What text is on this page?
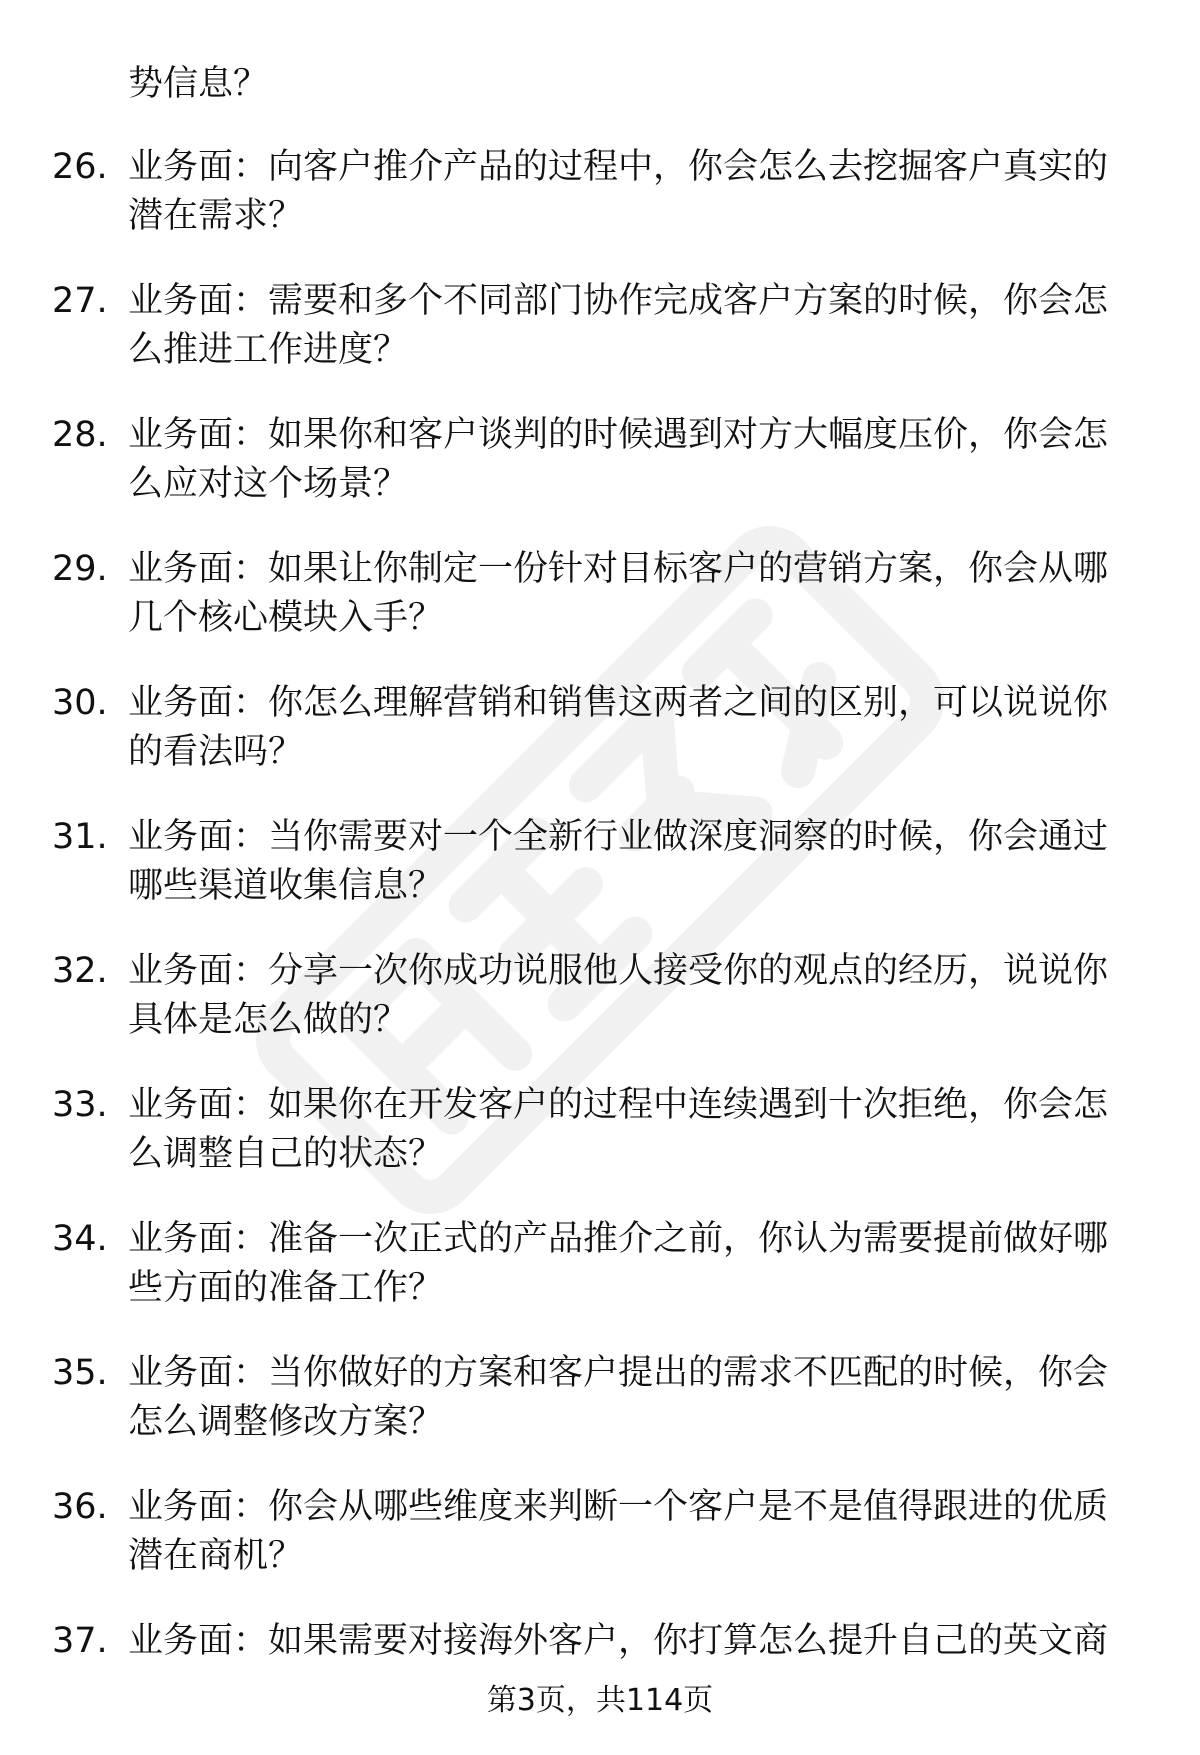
势信息？
26. 业务面：向客户推介产品的过程中，你会怎么去挖掘客户真实的潜在需求？
27. 业务面：需要和多个不同部门协作完成客户方案的时候，你会怎么推进工作进度？
28. 业务面：如果你和客户谈判的时候遇到对方大幅度压价，你会怎么应对这个场景？
29. 业务面：如果让你制定一份针对目标客户的营销方案，你会从哪几个核心模块入手？
30. 业务面：你怎么理解营销和销售这两者之间的区别，可以说说你的看法吗？
31. 业务面：当你需要对一个全新行业做深度洞察的时候，你会通过哪些渠道收集信息？
32. 业务面：分享一次你成功说服他人接受你的观点的经历，说说你具体是怎么做的？
33. 业务面：如果你在开发客户的过程中连续遇到十次拒绝，你会怎么调整自己的状态？
34. 业务面：准备一次正式的产品推介之前，你认为需要提前做好哪些方面的准备工作？
35. 业务面：当你做好的方案和客户提出的需求不匹配的时候，你会怎么调整修改方案？
36. 业务面：你会从哪些维度来判断一个客户是不是值得跟进的优质潜在商机？
37. 业务面：如果需要对接海外客户，你打算怎么提升自己的英文商
第3页，共114页
